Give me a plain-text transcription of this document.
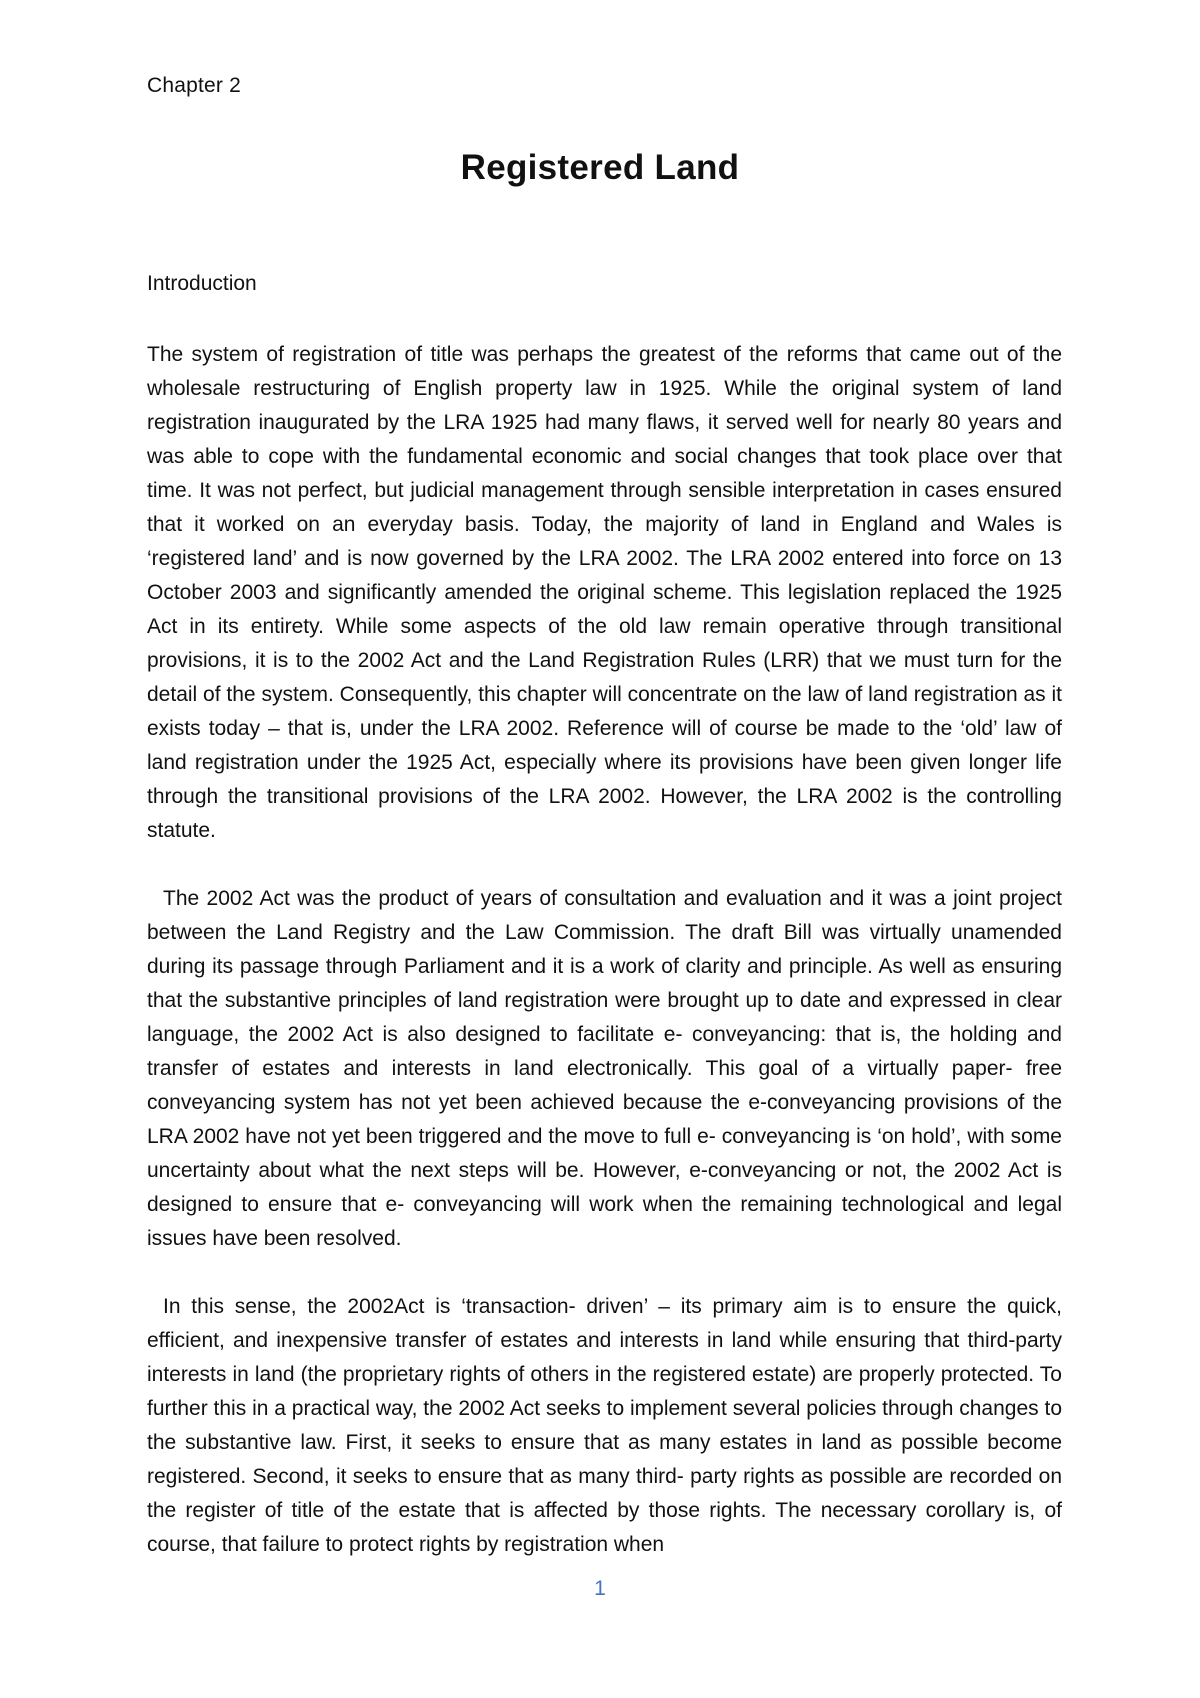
Chapter 2
Registered Land
Introduction

The system of registration of title was perhaps the greatest of the reforms that came out of the wholesale restructuring of English property law in 1925. While the original system of land registration inaugurated by the LRA 1925 had many flaws, it served well for nearly 80 years and was able to cope with the fundamental economic and social changes that took place over that time. It was not perfect, but judicial management through sensible interpretation in cases ensured that it worked on an everyday basis. Today, the majority of land in England and Wales is ‘registered land’ and is now governed by the LRA 2002. The LRA 2002 entered into force on 13 October 2003 and significantly amended the original scheme. This legislation replaced the 1925 Act in its entirety. While some aspects of the old law remain operative through transitional provisions, it is to the 2002 Act and the Land Registration Rules (LRR) that we must turn for the detail of the system. Consequently, this chapter will concentrate on the law of land registration as it exists today – that is, under the LRA 2002. Reference will of course be made to the ‘old’ law of land registration under the 1925 Act, especially where its provisions have been given longer life through the transitional provisions of the LRA 2002. However, the LRA 2002 is the controlling statute.

The 2002 Act was the product of years of consultation and evaluation and it was a joint project between the Land Registry and the Law Commission. The draft Bill was virtually unamended during its passage through Parliament and it is a work of clarity and principle. As well as ensuring that the substantive principles of land registration were brought up to date and expressed in clear language, the 2002 Act is also designed to facilitate e- conveyancing: that is, the holding and transfer of estates and interests in land electronically. This goal of a virtually paper- free conveyancing system has not yet been achieved because the e-conveyancing provisions of the LRA 2002 have not yet been triggered and the move to full e- conveyancing is ‘on hold’, with some uncertainty about what the next steps will be. However, e-conveyancing or not, the 2002 Act is designed to ensure that e- conveyancing will work when the remaining technological and legal issues have been resolved.

In this sense, the 2002Act is ‘transaction- driven’ – its primary aim is to ensure the quick, efficient, and inexpensive transfer of estates and interests in land while ensuring that third-party interests in land (the proprietary rights of others in the registered estate) are properly protected. To further this in a practical way, the 2002 Act seeks to implement several policies through changes to the substantive law. First, it seeks to ensure that as many estates in land as possible become registered. Second, it seeks to ensure that as many third- party rights as possible are recorded on the register of title of the estate that is affected by those rights. The necessary corollary is, of course, that failure to protect rights by registration when

1
